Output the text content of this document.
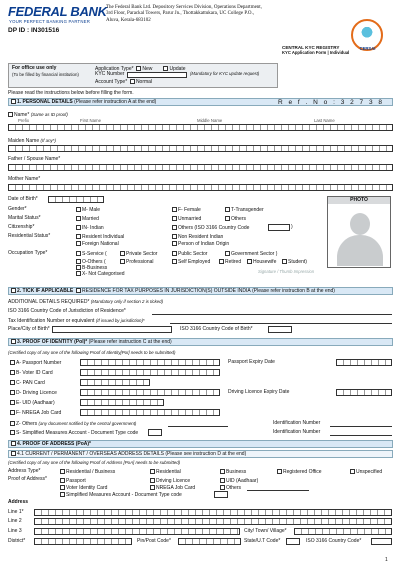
FEDERAL BANK
YOUR PERFECT BANKING PARTNER
DP ID : IN301516
The Federal Bank Ltd. Depository Services Division, Operations Department, 3rd Floor, Parackal Towers, Parur Jn., Thottakkattukara, UC College P.O., Aluva, Kerala-683102
CERSAI
CENTRAL KYC REGISTRY
KYC Application Form | Individual
For office use only
(To be filled by financial institution)
Application Type* New	Update
KYC Number	(Mandatory for KYC update request)
Account Type* Normal
Please read the instructions below before filling the form.
1. PERSONAL DETAILS (Please refer instruction A at the end)	R e f . N o : 3 2 7 3 8
Name* (Same as ID proof)
Prefix	First Name	Middle Name	Last Name
Maiden Name (If any*)
Father / Spouse Name*
Mother Name*
Date of Birth*	PHOTO
Gender*	M- Male	F- Female	T-Transgender
Marital Status*	Married	Unmarried	Others
Citizenship*	IN- Indian	Others (ISO 3166 Country Code	)
Residential Status*	Resident Individual	Non Resident Indian
Foreign National	Person of Indian Origin
Occupation Type*	S-Service (	Private Sector	Public Sector	Government Sector )
O-Others (	Professional	Self Employed	Retired	Housewife	Student)
B-Business
X- Not Categorised	Signature / Thumb Impression
2. TICK IF APPLICABLE RESIDENCE FOR TAX PURPOSES IN JURISDICTION(S) OUTSIDE INDIA (Please refer instruction B at the end)
ADDITIONAL DETAILS REQUIRED* (Mandatory only if section 2 is ticked)
ISO 3166 Country Code of Jurisdiction of Residence*
Tax Identification Number or equivalent (If issued by jurisdiction)*
Place/City of Birth*	ISO 3166 Country Code of Birth*
3. PROOF OF IDENTITY (PoI)* (Please refer instruction C at the end)
(Certified copy of any one of the following Proof of Identity[PoI] needs to be submitted)
A- Passport Number	Passport Expiry Date
B- Voter ID Card
C- PAN Card
D- Driving Licence	Driving Licence Expiry Date
E- UID (Aadhaar)
F- NREGA Job Card
Z- Others (any document notified by the central government)	Identification Number
S- Simplified Measures Account - Document Type code	Identification Number
4. PROOF OF ADDRESS (PoA)*
4.1 CURRENT / PERMANENT / OVERSEAS ADDRESS DETAILS (Please see instruction D at the end)
(Certified copy of any one of the following Proof of Address [PoA] needs to be submitted)
Address Type*	Residential / Business	Residential	Business	Registered Office	Unspecified
Proof of Address*	Passport	Driving Licence	UID (Aadhaar)
Voter Identity Card	NREGA Job Card	Others
Simplified Measures Account - Document Type code
Address
Line 1*
Line 2
Line 3	City/ Town/ Village*
District*	Pin/Post Code*	State/U.T Code*	ISO 3166 Country Code*
1
